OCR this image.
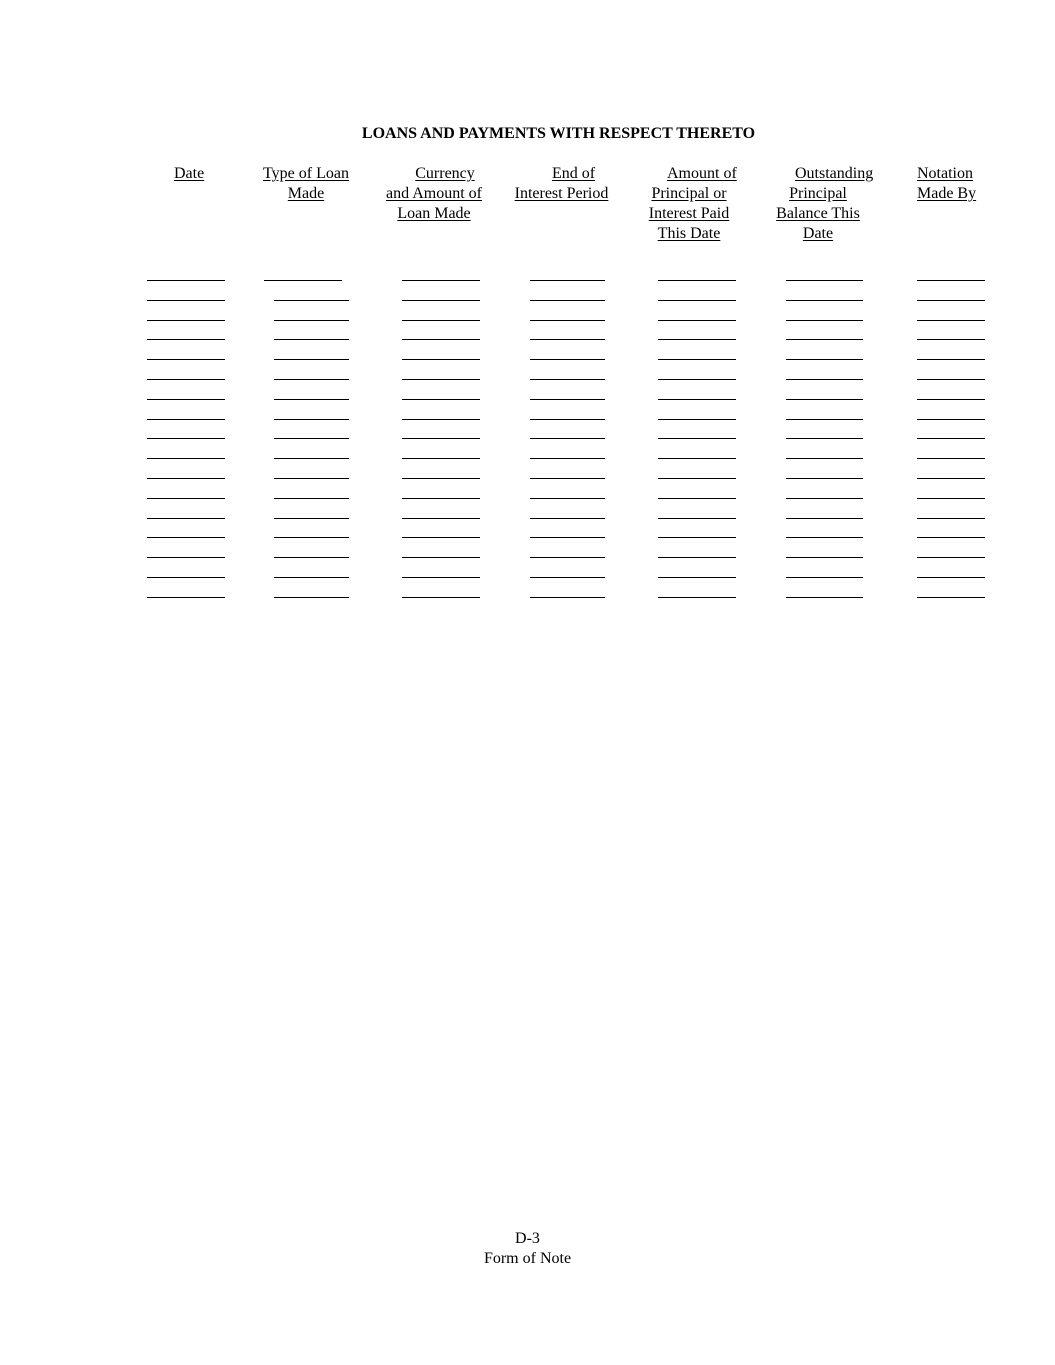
LOANS AND PAYMENTS WITH RESPECT THERETO
Date	Type of Loan
Made
Currency
and Amount of
Loan Made
End of
Interest Period
Amount of
Principal or
Interest Paid
This Date
Outstanding
Principal
Balance This
Date
Notation
Made By
D-3
Form of Note
